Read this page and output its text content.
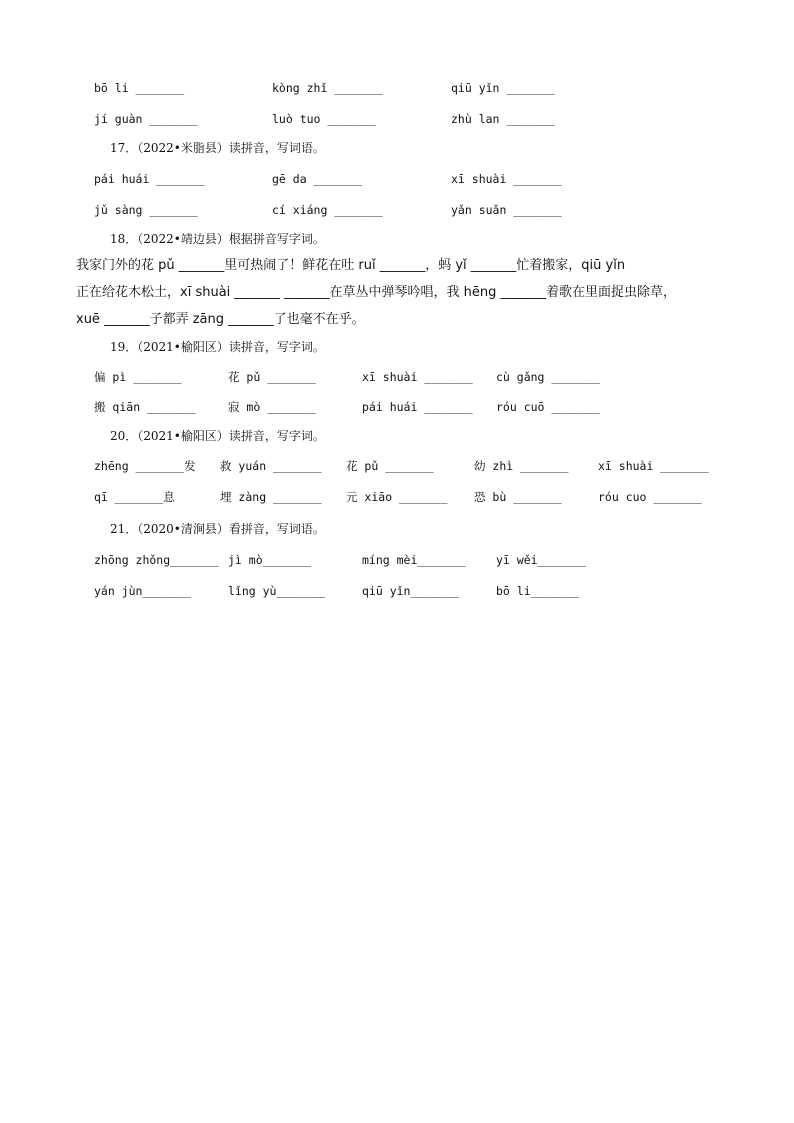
bō li _______	kòng zhǐ _______	qiū yǐn _______
jí guàn _______	luò tuo _______	zhù lan _______
17．（2022•米脂县）读拼音，写词语。
pái huái _______	gē da _______	xī shuài _______
jǔ sàng _______	cí xiáng _______	yǎn suǎn _______
18．（2022•靖边县）根据拼音写字词。
我家门外的花 pǔ _______里可热闹了！鲜花在吐 ruǐ _______，蚂 yǐ _______忙着搬家，qiū yǐn
正在给花木松土，xī shuài _______ _______在草丛中弹琴吟唱，我 hēng _______着歌在里面捉虫除草，
xuē _______子都弄 zāng _______了也毫不在乎。
19．（2021•榆阳区）读拼音，写字词。
偏 pì _______	花 pǔ _______	xī shuài _______ cù gǎng _______
搬 qiān _______	寂 mò _______	pái huái _______ róu cuō _______
20．（2021•榆阳区）读拼音，写字词。
zhēng _______发 救 yuán _______ 花 pǔ _______	幼 zhì _______	xī shuài _______
qī _______息	埋 zàng _______ 元 xiāo _______ 恐 bù _______	róu cuo _______
21．（2020•清涧县）看拼音，写词语。
zhōng zhǒng_______ jì mò_______	míng mèi_______	yī wěi_______
yán jùn_______	lǐng yù_______	qiū yǐn_______	bō li_______
